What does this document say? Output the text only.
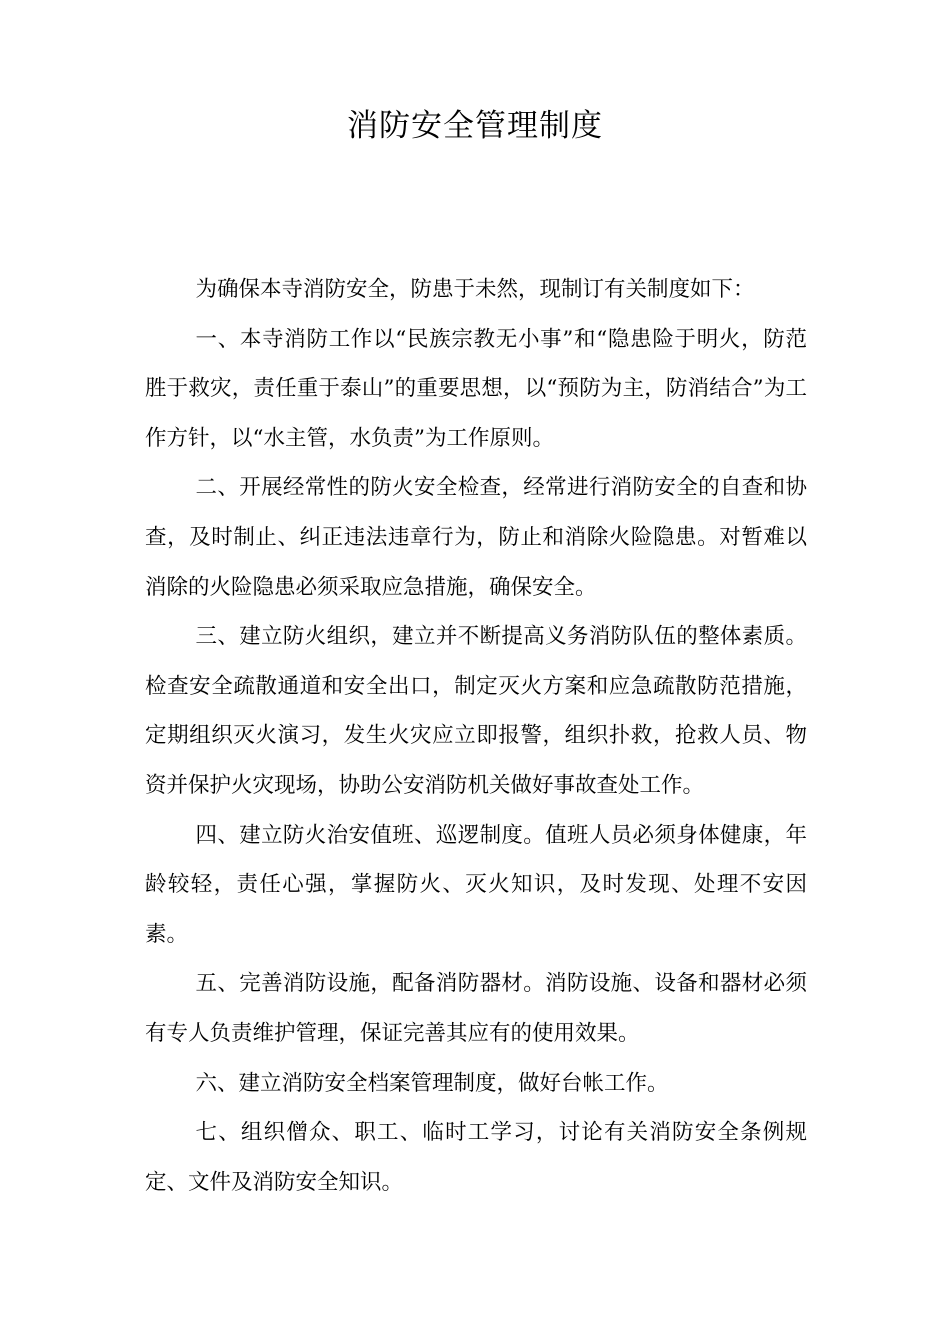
消防安全管理制度

为确保本寺消防安全，防患于未然，现制订有关制度如下：

一、本寺消防工作以“民族宗教无小事”和“隐患险于明火，防范胜于救灾，责任重于泰山”的重要思想，以“预防为主，防消结合”为工作方针，以“水主管，水负责”为工作原则。

二、开展经常性的防火安全检查，经常进行消防安全的自查和协查，及时制止、纠正违法违章行为，防止和消除火险隐患。对暂难以消除的火险隐患必须采取应急措施，确保安全。

三、建立防火组织，建立并不断提高义务消防队伍的整体素质。检查安全疏散通道和安全出口，制定灭火方案和应急疏散防范措施，定期组织灭火演习，发生火灾应立即报警，组织扑救，抢救人员、物资并保护火灾现场，协助公安消防机关做好事故查处工作。

四、建立防火治安值班、巡逻制度。值班人员必须身体健康，年龄较轻，责任心强，掌握防火、灭火知识，及时发现、处理不安因素。

五、完善消防设施，配备消防器材。消防设施、设备和器材必须有专人负责维护管理，保证完善其应有的使用效果。

六、建立消防安全档案管理制度，做好台帐工作。

七、组织僧众、职工、临时工学习，讨论有关消防安全条例规定、文件及消防安全知识。
